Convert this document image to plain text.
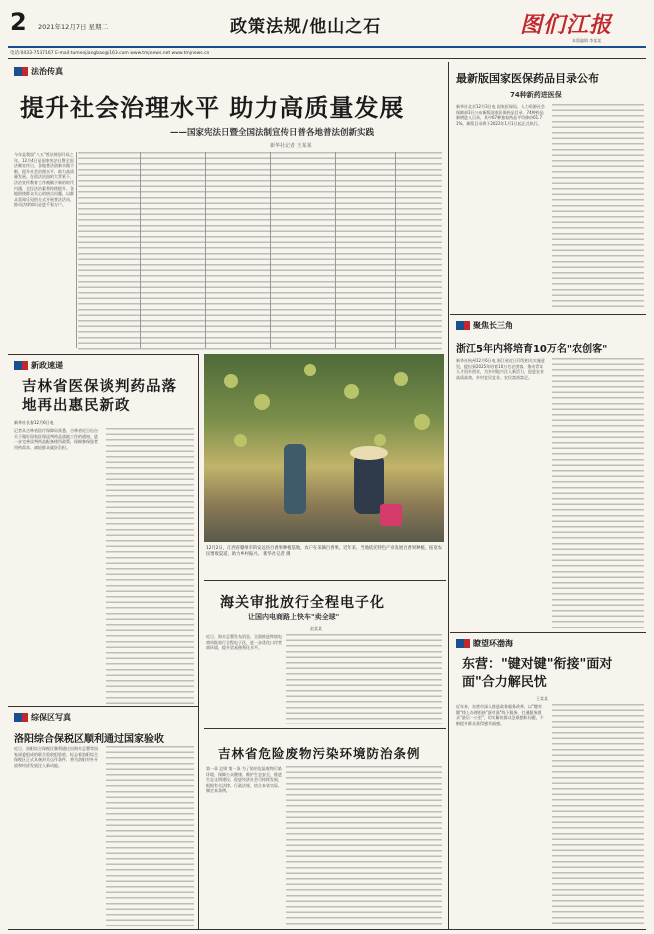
2 2021年12月7日 星期二	政策法规/他山之石	图们江报
本版编辑 李某某
电话:0433-7537167 E-mail:tumenjiangbao@163.com www.tmjnews.net www.tmjnews.cn
法治传真
提升社会治理水平 助力高质量发展
——国家宪法日暨全国法制宣传日普各地普法创新实践
新华社记者 王某某
今年是我国"八五"普法规划开局之年。12月4日是国家宪法日暨全国法制宣传日，各地普法创新实践不断，提升社会治理水平，助力高质量发展。在依法治国的大背景下，法治宣传教育工作被赋予新的时代内涵，全民法治素养持续提升。各地围绕群众关心的热点问题，以群众喜闻乐见的方式开展普法活动，推动法律知识走进千家万户。
新政速递
吉林省医保谈判药品落地再出惠民新政
新华社长春12月6日电
记者从吉林省医疗保障局获悉，吉林省近日出台关于做好国家医保谈判药品落地工作的通知，进一步完善谈判药品配备使用政策，保障参保患者用药需求，减轻群众就医负担。
12月2日，江西省赣州市的安远县百香果种植基地，农户在采摘百香果。近年来，当地依托特色产业发展百香果种植，拓宽农民增收渠道，助力乡村振兴。 新华社记者 摄
海关审批放行全程电子化
让国内电商路上快车"卖全球"
赵某某
近日，海关总署发布消息，全面推进跨境电商审批放行全程电子化，进一步优化口岸营商环境，提升贸易便利化水平。
吉林省危险废物污染环境防治条例
第一章 总则 第一条 为了防治危险废物污染环境，保障公众健康，维护生态安全，推进生态文明建设，促进经济社会可持续发展，根据有关法律、行政法规，结合本省实际，制定本条例。
综保区写真
洛阳综合保税区顺利通过国家验收
近日，洛阳综合保税区顺利通过由海关总署等国家部委组成的联合验收组验收，标志着洛阳综合保税区正式具备封关运作条件，将为洛阳对外开放和经济发展注入新动能。
最新版国家医保药品目录公布
74种新药进医保
新华社北京12月3日电 国家医保局、人力资源社会保障部3日公布新版国家医保药品目录，74种药品新增进入目录，其中67种独家药品平均降价61.71%。新版目录将于2022年1月1日起正式执行。
聚焦长三角
浙江5年内将培育10万名"农创客"
新华社杭州12月6日电 浙江省近日印发相关实施意见，提出到2025年培育10万名农创客，推动青年人才回乡创业，为乡村振兴注入新活力，促进农业高质高效、乡村宜居宜业、农民富裕富足。
瞭望环渤海
东营："键对键"衔接"面对面"合力解民忧
王某某
近年来，东营市深入推进政务服务改革，以"键对键"线上办理衔接"面对面"线下服务，打通服务群众"最后一公里"，切实解决群众急难愁盼问题，不断提升群众获得感幸福感。
